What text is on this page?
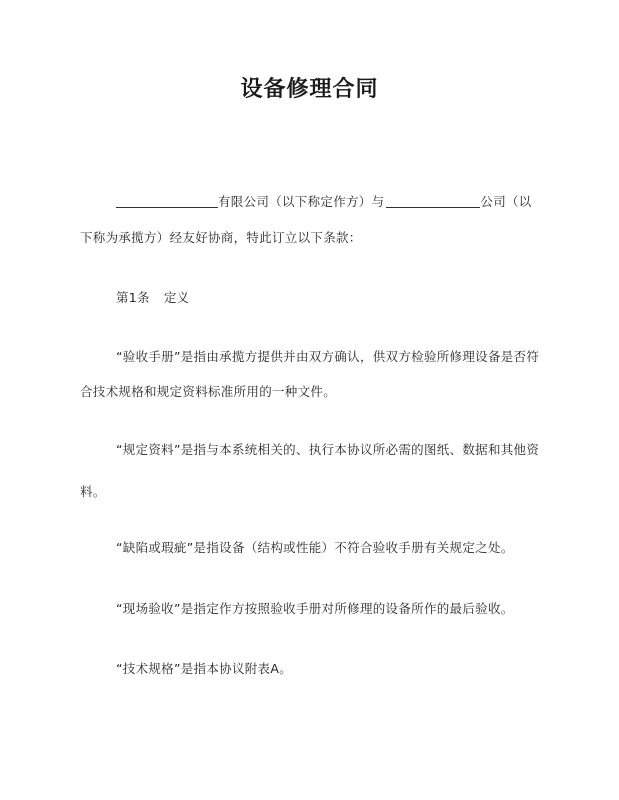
设备修理合同
有限公司（以下称定作方）与	公司（以
下称为承揽方）经友好协商，特此订立以下条款：
第1条 定义
“验收手册”是指由承揽方提供并由双方确认，供双方检验所修理设备是否符
合技术规格和规定资料标准所用的一种文件。
“规定资料”是指与本系统相关的、执行本协议所必需的图纸、数据和其他资
料。
“缺陷或瑕疵”是指设备（结构或性能）不符合验收手册有关规定之处。
“现场验收”是指定作方按照验收手册对所修理的设备所作的最后验收。
“技术规格”是指本协议附表A。
